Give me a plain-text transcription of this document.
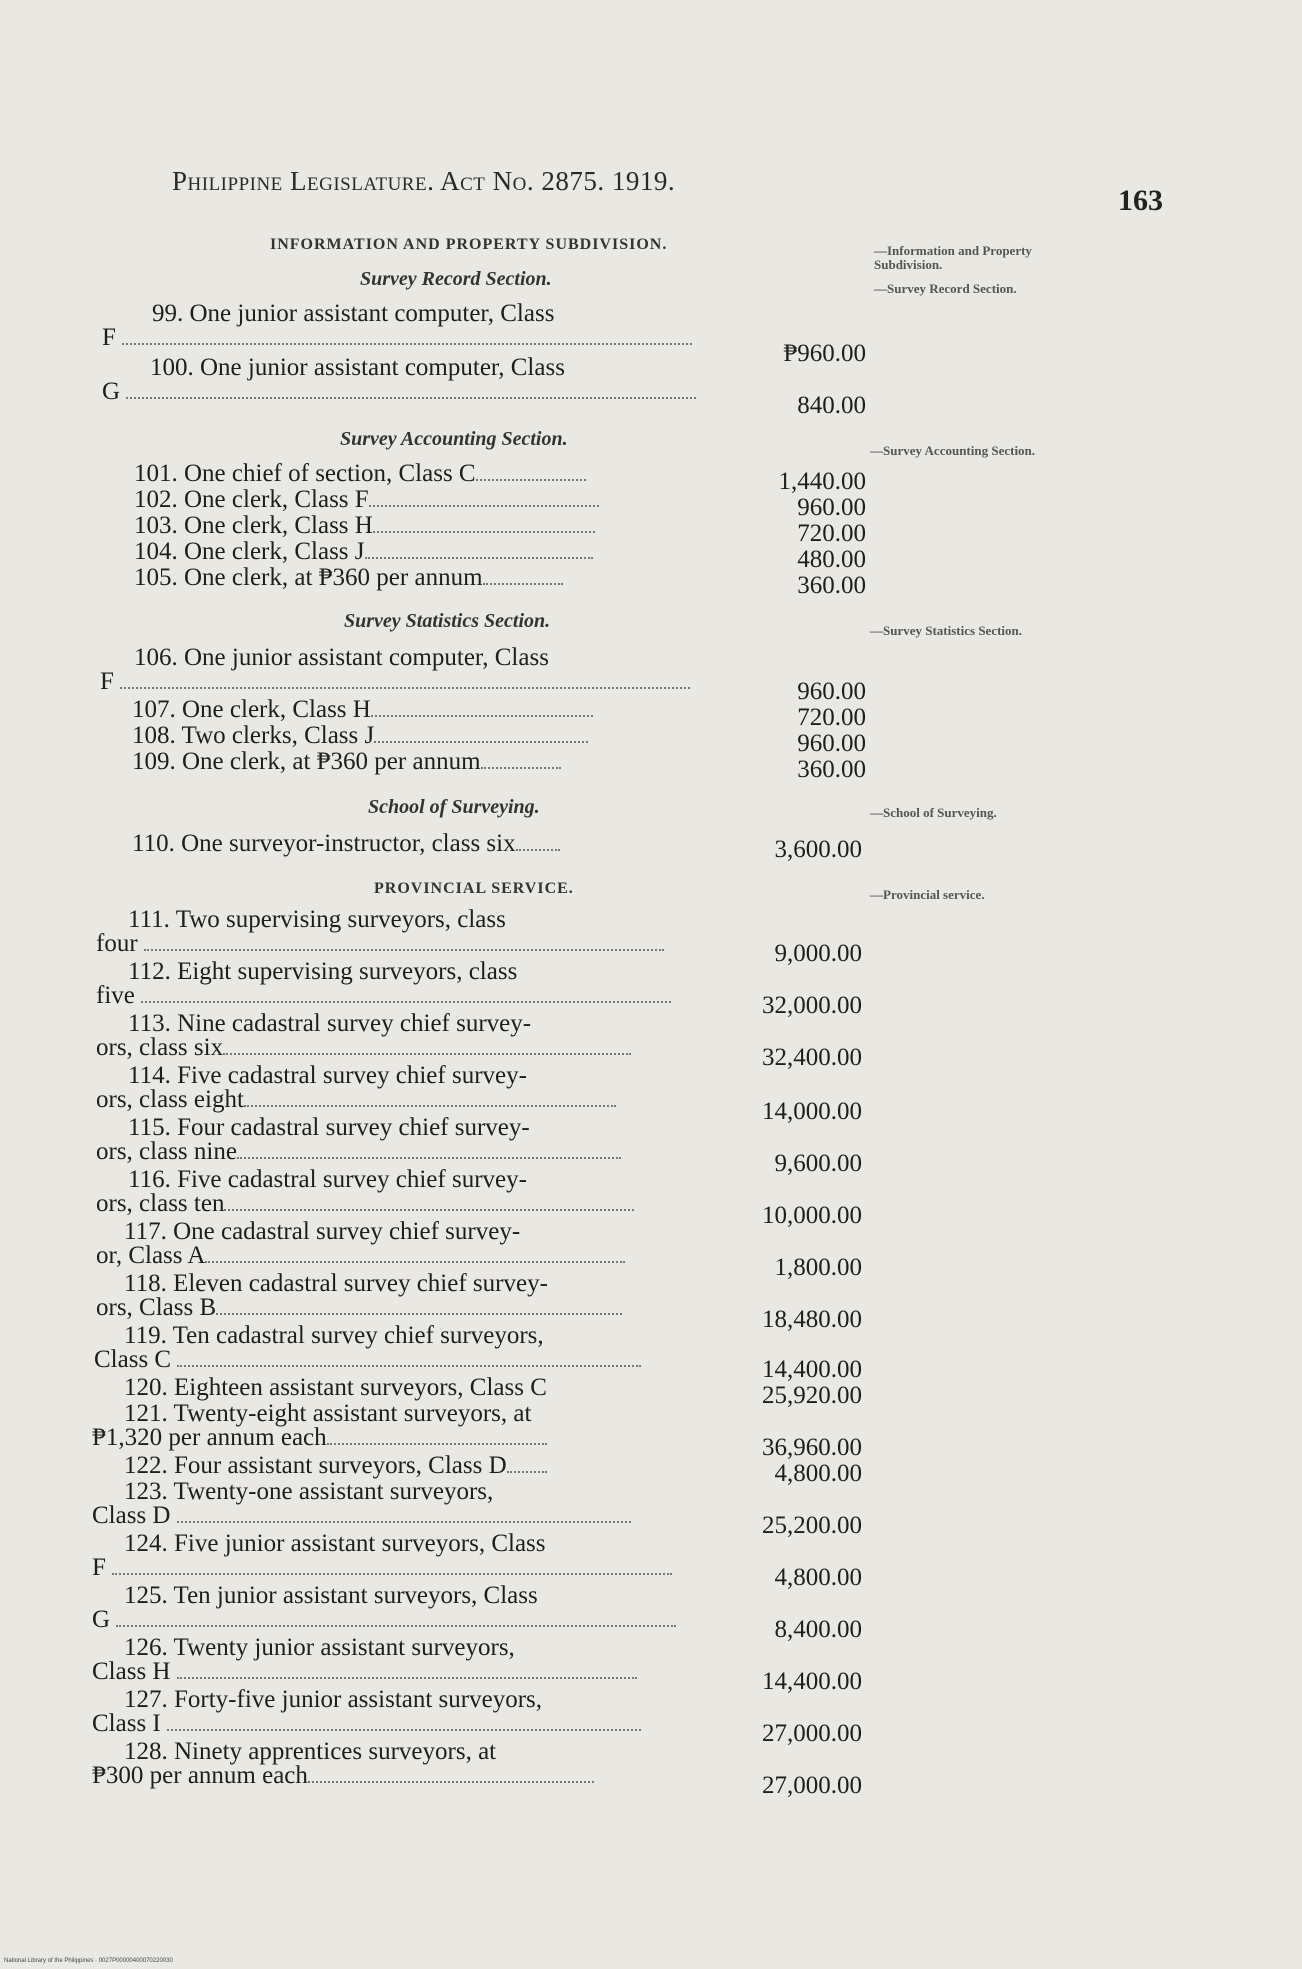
Philippine Legislature. Act No. 2875. 1919.
163
INFORMATION AND PROPERTY SUBDIVISION.
Survey Record Section.
Survey Accounting Section.
Survey Statistics Section.
School of Surveying.
PROVINCIAL SERVICE.
—Information and Property Subdivision.
—Survey Record Section.
—Survey Accounting Section.
—Survey Statistics Section.
—School of Surveying.
—Provincial service.
99. One junior assistant computer, Class
F
₱960.00
100. One junior assistant computer, Class
G
840.00
101. One chief of section, Class C	1,440.00
102. One clerk, Class F	960.00
103. One clerk, Class H	720.00
104. One clerk, Class J	480.00
105. One clerk, at ₱360 per annum	360.00
106. One junior assistant computer, Class
F	960.00
107. One clerk, Class H	720.00
108. Two clerks, Class J	960.00
109. One clerk, at ₱360 per annum	360.00
110. One surveyor-instructor, class six	3,600.00
111. Two supervising surveyors, class
four	9,000.00
112. Eight supervising surveyors, class
five	32,000.00
113. Nine cadastral survey chief survey-
ors, class six	32,400.00
114. Five cadastral survey chief survey-
ors, class eight	14,000.00
115. Four cadastral survey chief survey-
ors, class nine	9,600.00
116. Five cadastral survey chief survey-
ors, class ten	10,000.00
117. One cadastral survey chief survey-
or, Class A	1,800.00
118. Eleven cadastral survey chief survey-
ors, Class B	18,480.00
119. Ten cadastral survey chief surveyors,
Class C	14,400.00
120. Eighteen assistant surveyors, Class C	25,920.00
121. Twenty-eight assistant surveyors, at
₱1,320 per annum each	36,960.00
122. Four assistant surveyors, Class D	4,800.00
123. Twenty-one assistant surveyors,
Class D	25,200.00
124. Five junior assistant surveyors, Class
F	4,800.00
125. Ten junior assistant surveyors, Class
G	8,400.00
126. Twenty junior assistant surveyors,
Class H	14,400.00
127. Forty-five junior assistant surveyors,
Class I	27,000.00
128. Ninety apprentices surveyors, at
₱300 per annum each	27,000.00
National Library of the Philippines · 0027P00000400070220030
